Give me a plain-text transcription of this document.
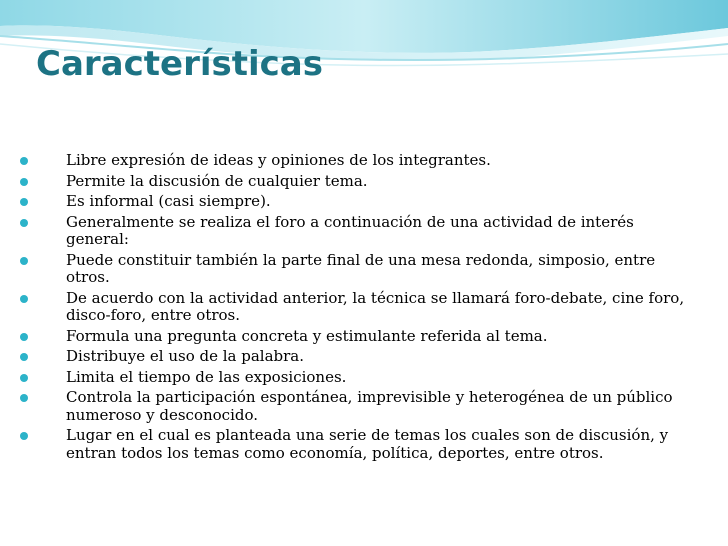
Características
Libre expresión de ideas y opiniones de los integrantes.
Permite la discusión de cualquier tema.
Es informal (casi siempre).
Generalmente se realiza el foro a continuación de una actividad de interés general:
Puede constituir también la parte final de una mesa redonda, simposio, entre otros.
De acuerdo con la actividad anterior, la técnica se llamará foro-debate, cine foro, disco-foro, entre otros.
Formula una pregunta concreta y estimulante referida al tema.
Distribuye el uso de la palabra.
Limita el tiempo de las exposiciones.
Controla la participación espontánea, imprevisible y heterogénea de un público numeroso y desconocido.
Lugar en el cual es planteada una serie de temas los cuales son de discusión, y entran todos los temas como economía, política, deportes, entre otros.
